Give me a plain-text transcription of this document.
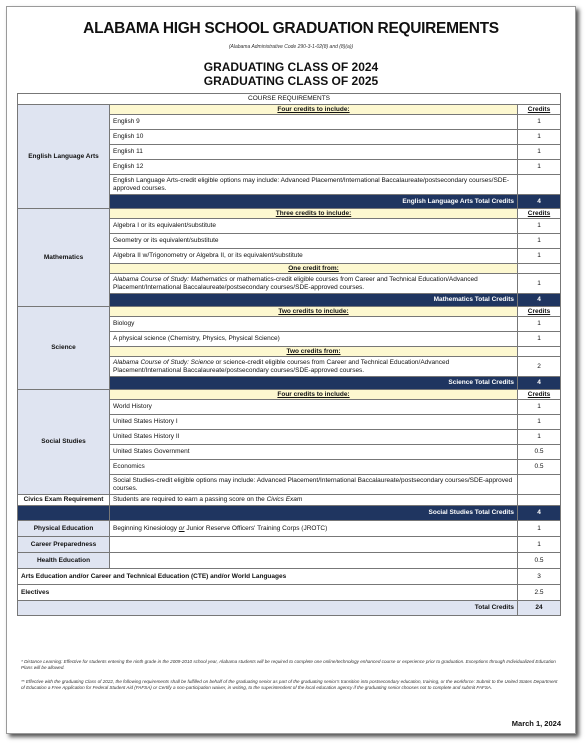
ALABAMA HIGH SCHOOL GRADUATION REQUIREMENTS
(Alabama Administrative Code 290-3-1-02(8) and (8)(a))
GRADUATING CLASS OF 2024
GRADUATING CLASS OF 2025
COURSE REQUIREMENTS		
English Language Arts	Four credits to include:	Credits
	English 9	1
	English 10	1
	English 11	1
	English 12	1
	English Language Arts-credit eligible options may include: Advanced Placement/International Baccalaureate/postsecondary courses/SDE-approved courses.	
	English Language Arts Total Credits	4
Mathematics	Three credits to include:	Credits
	Algebra I or its equivalent/substitute	1
	Geometry or its equivalent/substitute	1
	Algebra II w/Trigonometry or Algebra II, or its equivalent/substitute	1
	One credit from:	
	Alabama Course of Study: Mathematics or mathematics-credit eligible courses from Career and Technical Education/Advanced Placement/International Baccalaureate/postsecondary courses/SDE-approved courses.	1
	Mathematics Total Credits	4
Science	Two credits to include:	Credits
	Biology	1
	A physical science (Chemistry, Physics, Physical Science)	1
	Two credits from:	
	Alabama Course of Study: Science or science-credit eligible courses from Career and Technical Education/Advanced Placement/International Baccalaureate/postsecondary courses/SDE-approved courses.	2
	Science Total Credits	4
Social Studies	Four credits to include:	Credits
	World History	1
	United States History I	1
	United States History II	1
	United States Government	0.5
	Economics	0.5
	Social Studies-credit eligible options may include: Advanced Placement/International Baccalaureate/postsecondary courses/SDE-approved courses.	
Civics Exam Requirement	Students are required to earn a passing score on the Civics Exam	
	Social Studies Total Credits	4
Physical Education	Beginning Kinesiology or Junior Reserve Officers' Training Corps (JROTC)	1
Career Preparedness		1
Health Education		0.5
Arts Education and/or Career and Technical Education (CTE) and/or World Languages		3
Electives		2.5
Total Credits		24
* Distance Learning: Effective for students entering the ninth grade in the 2009-2010 school year, Alabama students will be required to complete one online/technology enhanced course or experience prior to graduation. Exceptions through Individualized Education Plans will be allowed.
** Effective with the graduating Class of 2022, the following requirements shall be fulfilled on behalf of the graduating senior as part of the graduating senior's transition into postsecondary education, training, or the workforce: Submit to the United States Department of Education a Free Application for Federal Student Aid (FAFSA) or Certify a non-participation waiver, in writing, to the superintendent of the local education agency if the graduating senior chooses not to complete and submit FAFSA.
March 1, 2024
